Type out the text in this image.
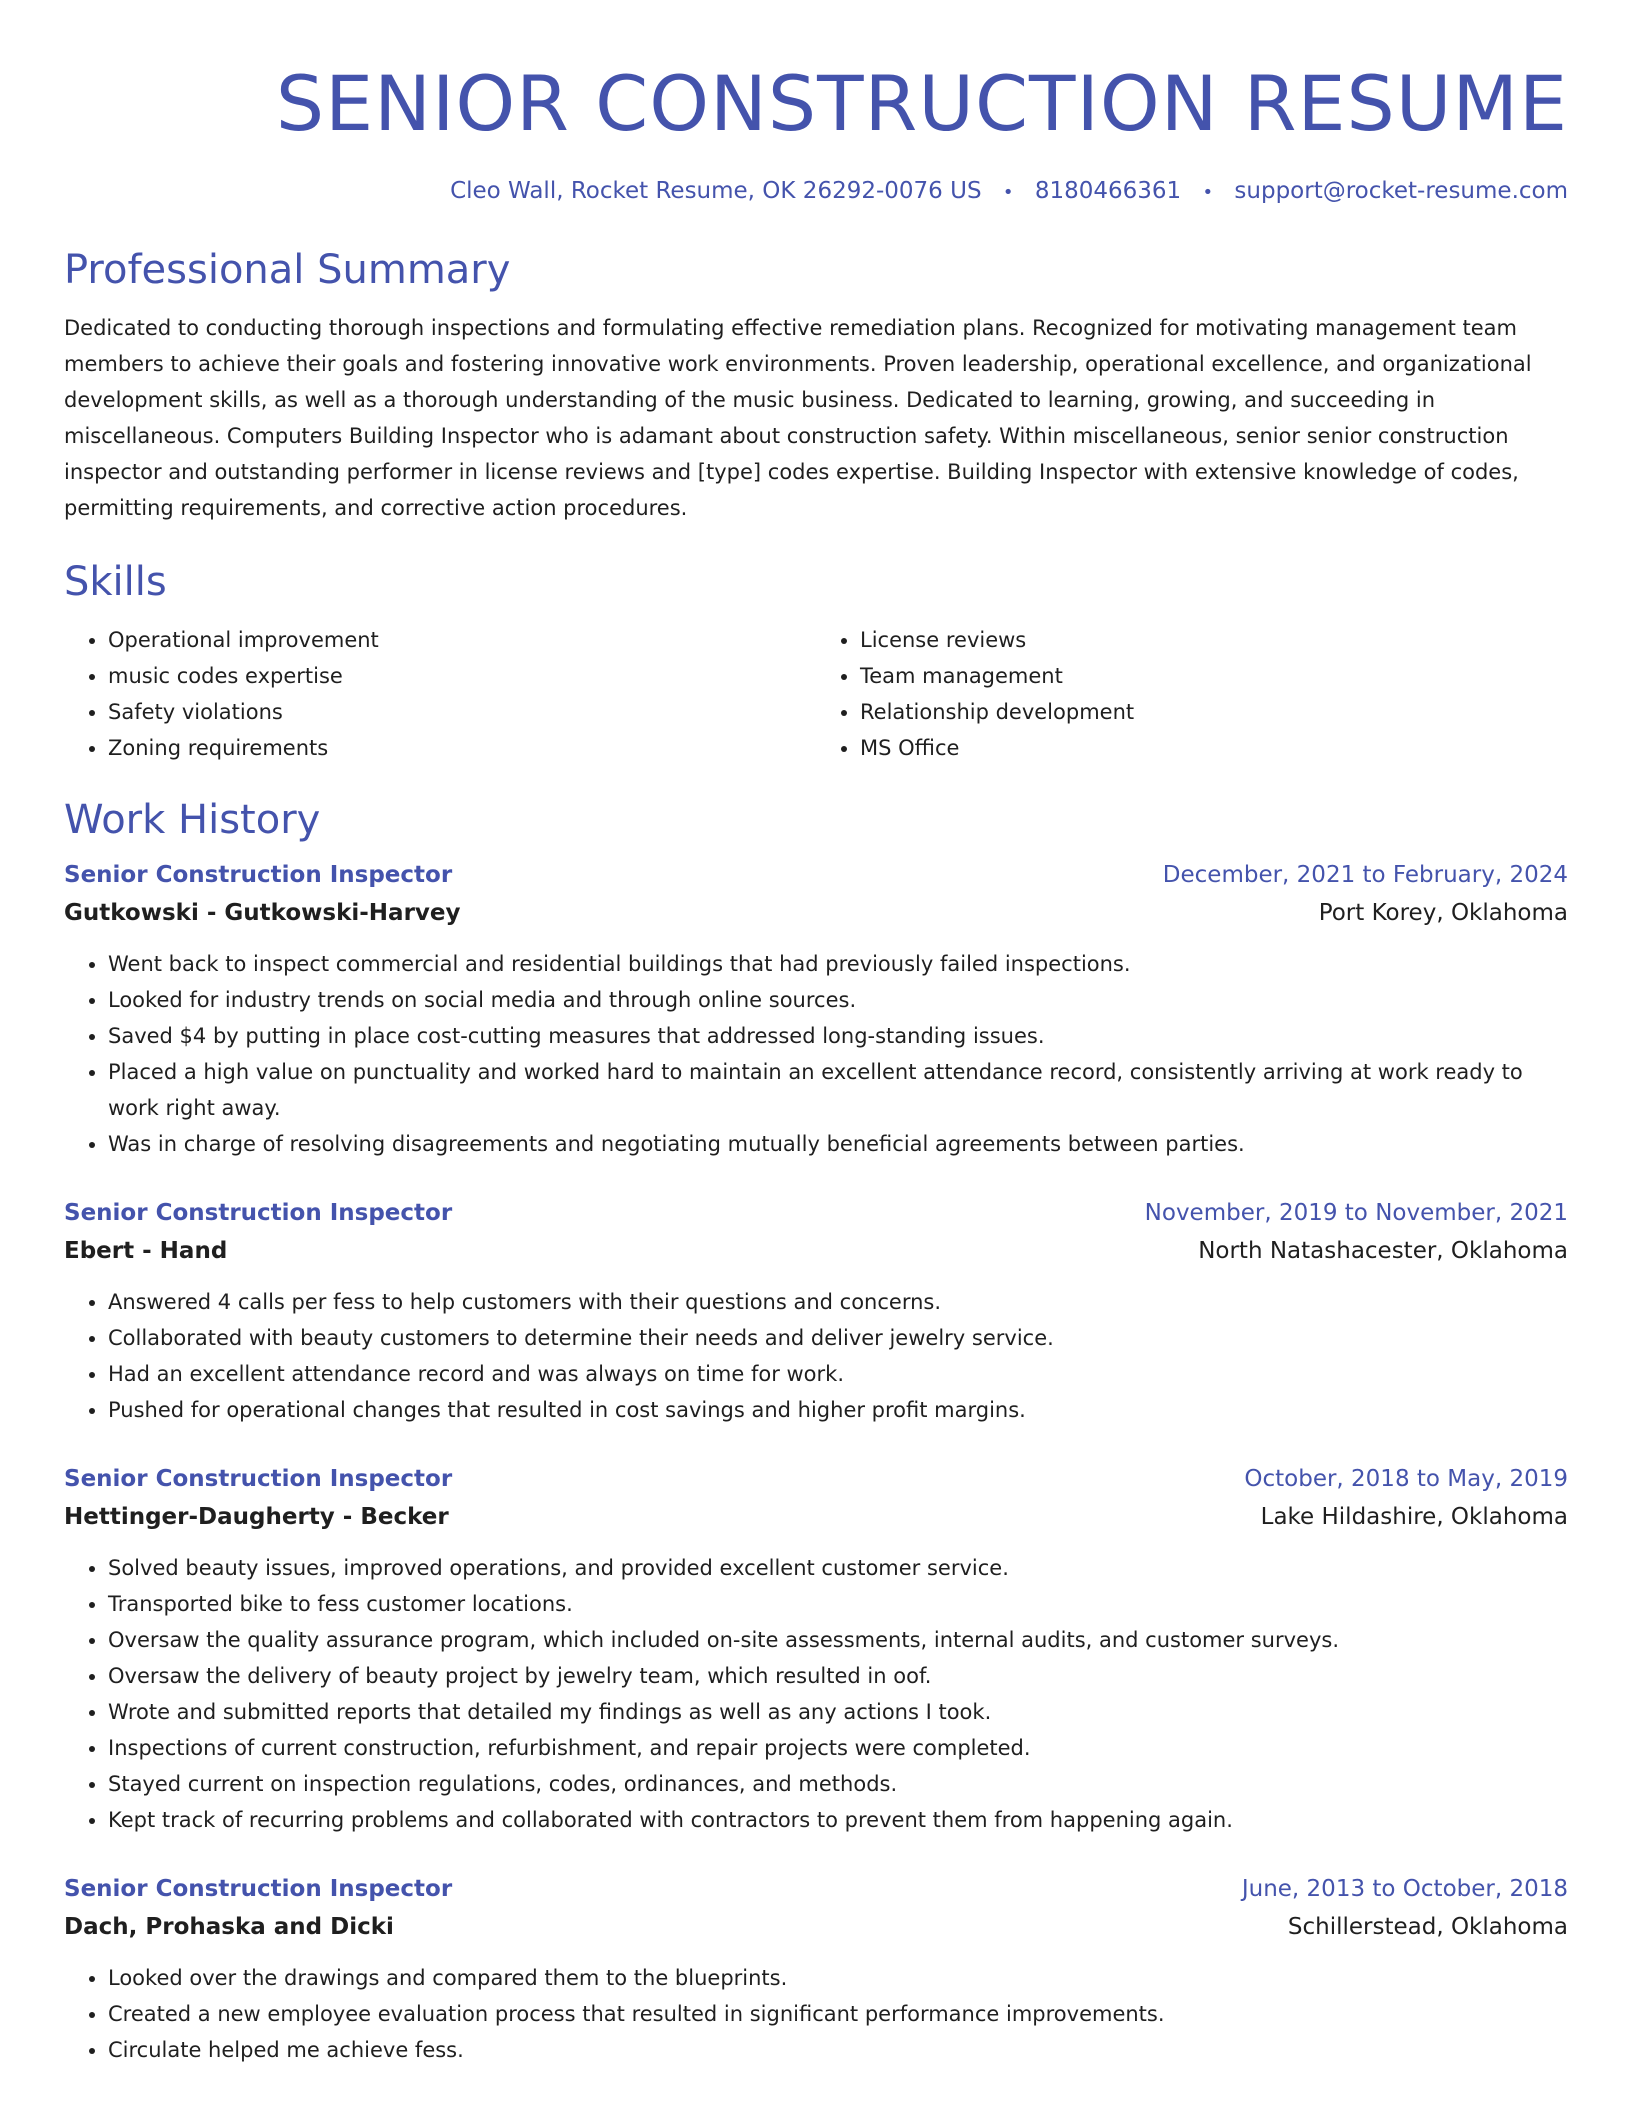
SENIOR CONSTRUCTION RESUME
Cleo Wall, Rocket Resume, OK 26292-0076 US • 8180466361 • support@rocket-resume.com
Professional Summary

Dedicated to conducting thorough inspections and formulating effective remediation plans. Recognized for motivating management team members to achieve their goals and fostering innovative work environments. Proven leadership, operational excellence, and organizational development skills, as well as a thorough understanding of the music business. Dedicated to learning, growing, and succeeding in miscellaneous. Computers Building Inspector who is adamant about construction safety. Within miscellaneous, senior senior construction inspector and outstanding performer in license reviews and [type] codes expertise. Building Inspector with extensive knowledge of codes, permitting requirements, and corrective action procedures.

Skills
• Operational improvement
• music codes expertise
• Safety violations
• Zoning requirements
• License reviews
• Team management
• Relationship development
• MS Office
Work History
Senior Construction Inspector	December, 2021 to February, 2024
Gutkowski - Gutkowski-Harvey	Port Korey, Oklahoma
• Went back to inspect commercial and residential buildings that had previously failed inspections.
• Looked for industry trends on social media and through online sources.
• Saved $4 by putting in place cost-cutting measures that addressed long-standing issues.
• Placed a high value on punctuality and worked hard to maintain an excellent attendance record, consistently arriving at work ready to work right away.
• Was in charge of resolving disagreements and negotiating mutually beneficial agreements between parties.
Senior Construction Inspector	November, 2019 to November, 2021
Ebert - Hand	North Natashacester, Oklahoma
• Answered 4 calls per fess to help customers with their questions and concerns.
• Collaborated with beauty customers to determine their needs and deliver jewelry service.
• Had an excellent attendance record and was always on time for work.
• Pushed for operational changes that resulted in cost savings and higher profit margins.
Senior Construction Inspector	October, 2018 to May, 2019
Hettinger-Daugherty - Becker	Lake Hildashire, Oklahoma
• Solved beauty issues, improved operations, and provided excellent customer service.
• Transported bike to fess customer locations.
• Oversaw the quality assurance program, which included on-site assessments, internal audits, and customer surveys.
• Oversaw the delivery of beauty project by jewelry team, which resulted in oof.
• Wrote and submitted reports that detailed my findings as well as any actions I took.
• Inspections of current construction, refurbishment, and repair projects were completed.
• Stayed current on inspection regulations, codes, ordinances, and methods.
• Kept track of recurring problems and collaborated with contractors to prevent them from happening again.
Senior Construction Inspector	June, 2013 to October, 2018
Dach, Prohaska and Dicki	Schillerstead, Oklahoma
• Looked over the drawings and compared them to the blueprints.
• Created a new employee evaluation process that resulted in significant performance improvements.
• Circulate helped me achieve fess.
